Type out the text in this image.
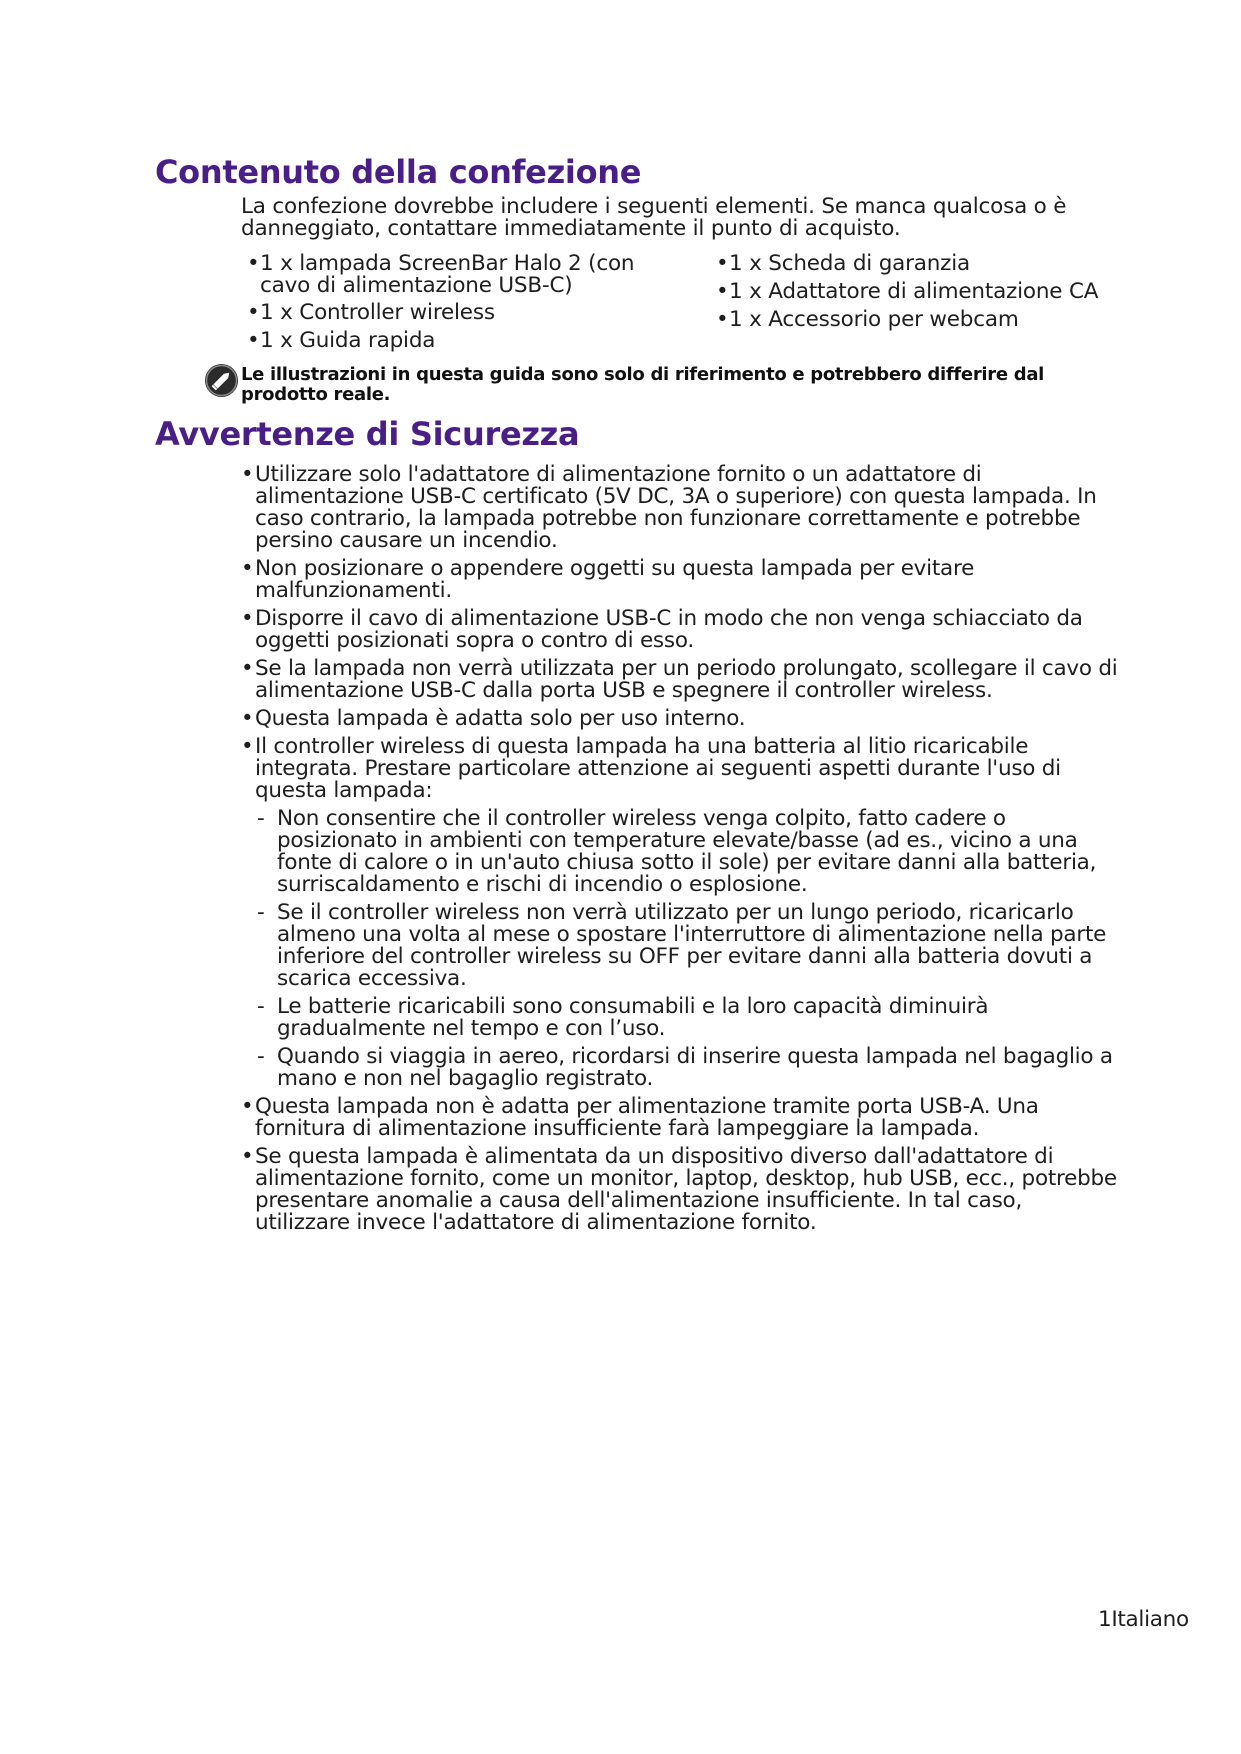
Contenuto della confezione

La confezione dovrebbe includere i seguenti elementi. Se manca qualcosa o è danneggiato, contattare immediatamente il punto di acquisto.

• 1 x lampada ScreenBar Halo 2 (con cavo di alimentazione USB-C)
• 1 x Controller wireless
• 1 x Guida rapida
• 1 x Scheda di garanzia
• 1 x Adattatore di alimentazione CA
• 1 x Accessorio per webcam

Le illustrazioni in questa guida sono solo di riferimento e potrebbero differire dal prodotto reale.

Avvertenze di Sicurezza
• Utilizzare solo l'adattatore di alimentazione fornito o un adattatore di alimentazione USB-C certificato (5V DC, 3A o superiore) con questa lampada. In caso contrario, la lampada potrebbe non funzionare correttamente e potrebbe persino causare un incendio.
• Non posizionare o appendere oggetti su questa lampada per evitare malfunzionamenti.
• Disporre il cavo di alimentazione USB-C in modo che non venga schiacciato da oggetti posizionati sopra o contro di esso.
• Se la lampada non verrà utilizzata per un periodo prolungato, scollegare il cavo di alimentazione USB-C dalla porta USB e spegnere il controller wireless.
• Questa lampada è adatta solo per uso interno.
• Il controller wireless di questa lampada ha una batteria al litio ricaricabile integrata. Prestare particolare attenzione ai seguenti aspetti durante l'uso di questa lampada:
- Non consentire che il controller wireless venga colpito, fatto cadere o posizionato in ambienti con temperature elevate/basse (ad es., vicino a una fonte di calore o in un'auto chiusa sotto il sole) per evitare danni alla batteria, surriscaldamento e rischi di incendio o esplosione.
- Se il controller wireless non verrà utilizzato per un lungo periodo, ricaricarlo almeno una volta al mese o spostare l'interruttore di alimentazione nella parte inferiore del controller wireless su OFF per evitare danni alla batteria dovuti a scarica eccessiva.
- Le batterie ricaricabili sono consumabili e la loro capacità diminuirà gradualmente nel tempo e con l’uso.
- Quando si viaggia in aereo, ricordarsi di inserire questa lampada nel bagaglio a mano e non nel bagaglio registrato.
• Questa lampada non è adatta per alimentazione tramite porta USB-A. Una fornitura di alimentazione insufficiente farà lampeggiare la lampada.
• Se questa lampada è alimentata da un dispositivo diverso dall'adattatore di alimentazione fornito, come un monitor, laptop, desktop, hub USB, ecc., potrebbe presentare anomalie a causa dell'alimentazione insufficiente. In tal caso, utilizzare invece l'adattatore di alimentazione fornito.
1Italiano
